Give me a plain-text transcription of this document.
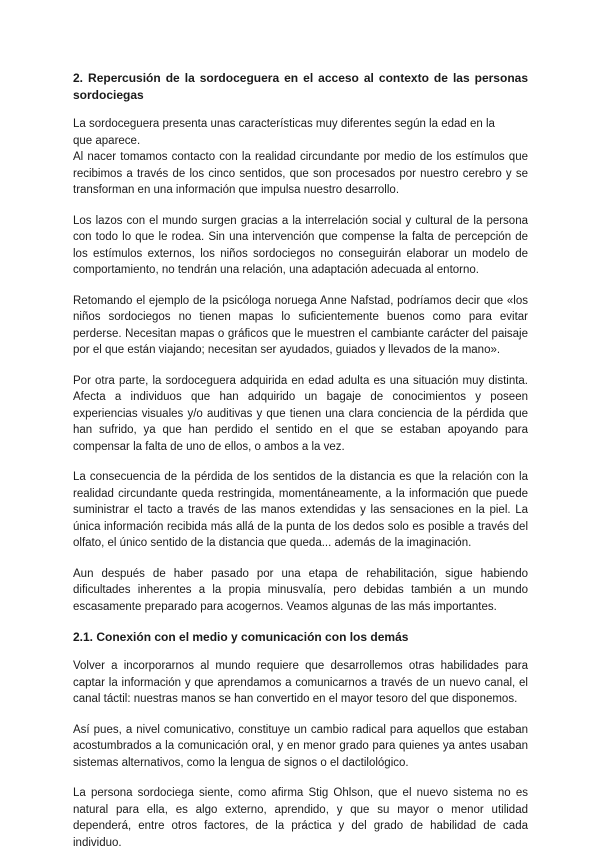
2. Repercusión de la sordoceguera en el acceso al contexto de las personas sordociegas

La sordoceguera presenta unas características muy diferentes según la edad en la
que aparece.

Al nacer tomamos contacto con la realidad circundante por medio de los estímulos que recibimos a través de los cinco sentidos, que son procesados por nuestro cerebro y se transforman en una información que impulsa nuestro desarrollo.

Los lazos con el mundo surgen gracias a la interrelación social y cultural de la persona con todo lo que le rodea. Sin una intervención que compense la falta de percepción de los estímulos externos, los niños sordociegos no conseguirán elaborar un modelo de comportamiento, no tendrán una relación, una adaptación adecuada al entorno.

Retomando el ejemplo de la psicóloga noruega Anne Nafstad, podríamos decir que «los niños sordociegos no tienen mapas lo suficientemente buenos como para evitar perderse. Necesitan mapas o gráficos que le muestren el cambiante carácter del paisaje por el que están viajando; necesitan ser ayudados, guiados y llevados de la mano».

Por otra parte, la sordoceguera adquirida en edad adulta es una situación muy distinta. Afecta a individuos que han adquirido un bagaje de conocimientos y poseen experiencias visuales y/o auditivas y que tienen una clara conciencia de la pérdida que han sufrido, ya que han perdido el sentido en el que se estaban apoyando para compensar la falta de uno de ellos, o ambos a la vez.

La consecuencia de la pérdida de los sentidos de la distancia es que la relación con la realidad circundante queda restringida, momentáneamente, a la información que puede suministrar el tacto a través de las manos extendidas y las sensaciones en la piel. La única información recibida más allá de la punta de los dedos solo es posible a través del olfato, el único sentido de la distancia que queda... además de la imaginación.

Aun después de haber pasado por una etapa de rehabilitación, sigue habiendo dificultades inherentes a la propia minusvalía, pero debidas también a un mundo escasamente preparado para acogernos. Veamos algunas de las más importantes.

2.1. Conexión con el medio y comunicación con los demás

Volver a incorporarnos al mundo requiere que desarrollemos otras habilidades para captar la información y que aprendamos a comunicarnos a través de un nuevo canal, el canal táctil: nuestras manos se han convertido en el mayor tesoro del que disponemos.

Así pues, a nivel comunicativo, constituye un cambio radical para aquellos que estaban acostumbrados a la comunicación oral, y en menor grado para quienes ya antes usaban sistemas alternativos, como la lengua de signos o el dactilológico.

La persona sordociega siente, como afirma Stig Ohlson, que el nuevo sistema no es natural para ella, es algo externo, aprendido, y que su mayor o menor utilidad dependerá, entre otros factores, de la práctica y del grado de habilidad de cada individuo.
